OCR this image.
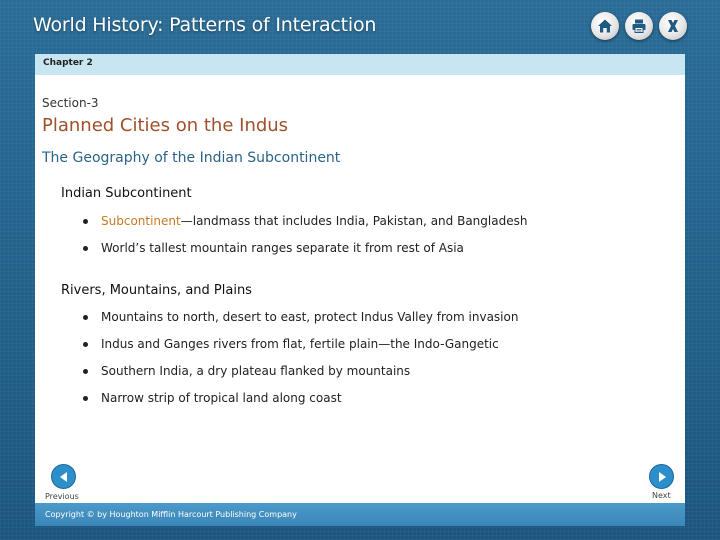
World History: Patterns of Interaction
Chapter 2
Section-3
Planned Cities on the Indus
The Geography of the Indian Subcontinent
Indian Subcontinent
Subcontinent—landmass that includes India, Pakistan, and Bangladesh
World’s tallest mountain ranges separate it from rest of Asia
Rivers, Mountains, and Plains
Mountains to north, desert to east, protect Indus Valley from invasion
Indus and Ganges rivers from flat, fertile plain—the Indo-Gangetic
Southern India, a dry plateau flanked by mountains
Narrow strip of tropical land along coast
Previous	Next
Copyright © by Houghton Mifflin Harcourt Publishing Company
